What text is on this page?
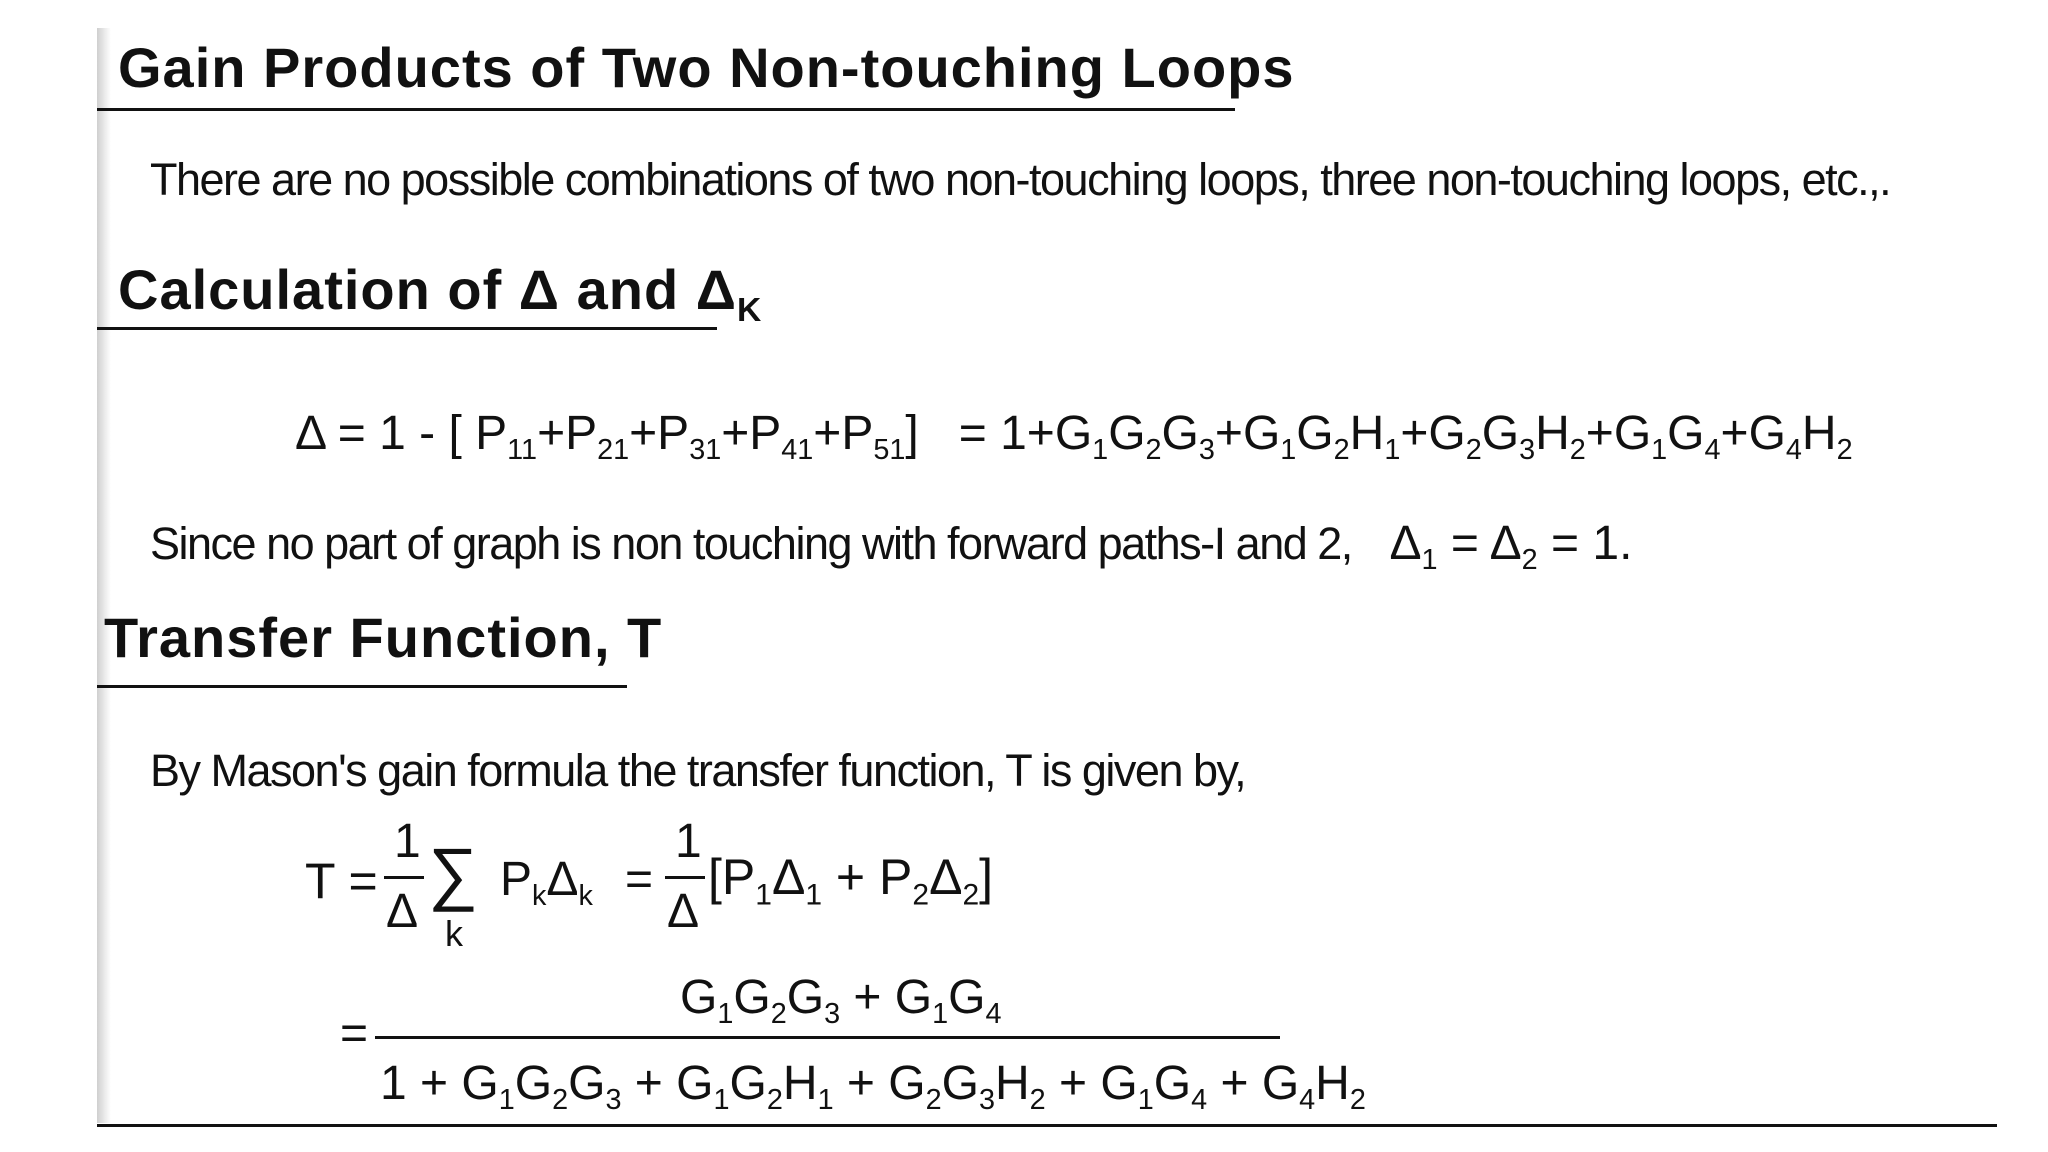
Gain Products of Two Non-touching Loops
There are no possible combinations of two non-touching loops, three non-touching loops, etc.,.
Calculation of Δ and $\Delta_K$
Δ = 1 - [ $P_{11}+P_{21}+P_{31}+P_{41}+P_{51}] = 1+G_1G_2G_3+G_1G_2H_1+G_2G_3H_2+G_1G_4+G_4H_2$
Since no part of graph is non touching with forward paths-I and 2,   $\Delta_1 = \Delta_2 = 1$.
Transfer Function, T
By Mason's gain formula the transfer function, T is given by,
T =
1
Δ ∑
k
$P_k\Delta_k$ =
1
Δ
$[P_1\Delta_1 + P_2\Delta_2]$
=
$G_1G_2G_3 + G_1G_4$
$1 + G_1G_2G_3 + G_1G_2H_1 + G_2G_3H_2 + G_1G_4 + G_4H_2$
